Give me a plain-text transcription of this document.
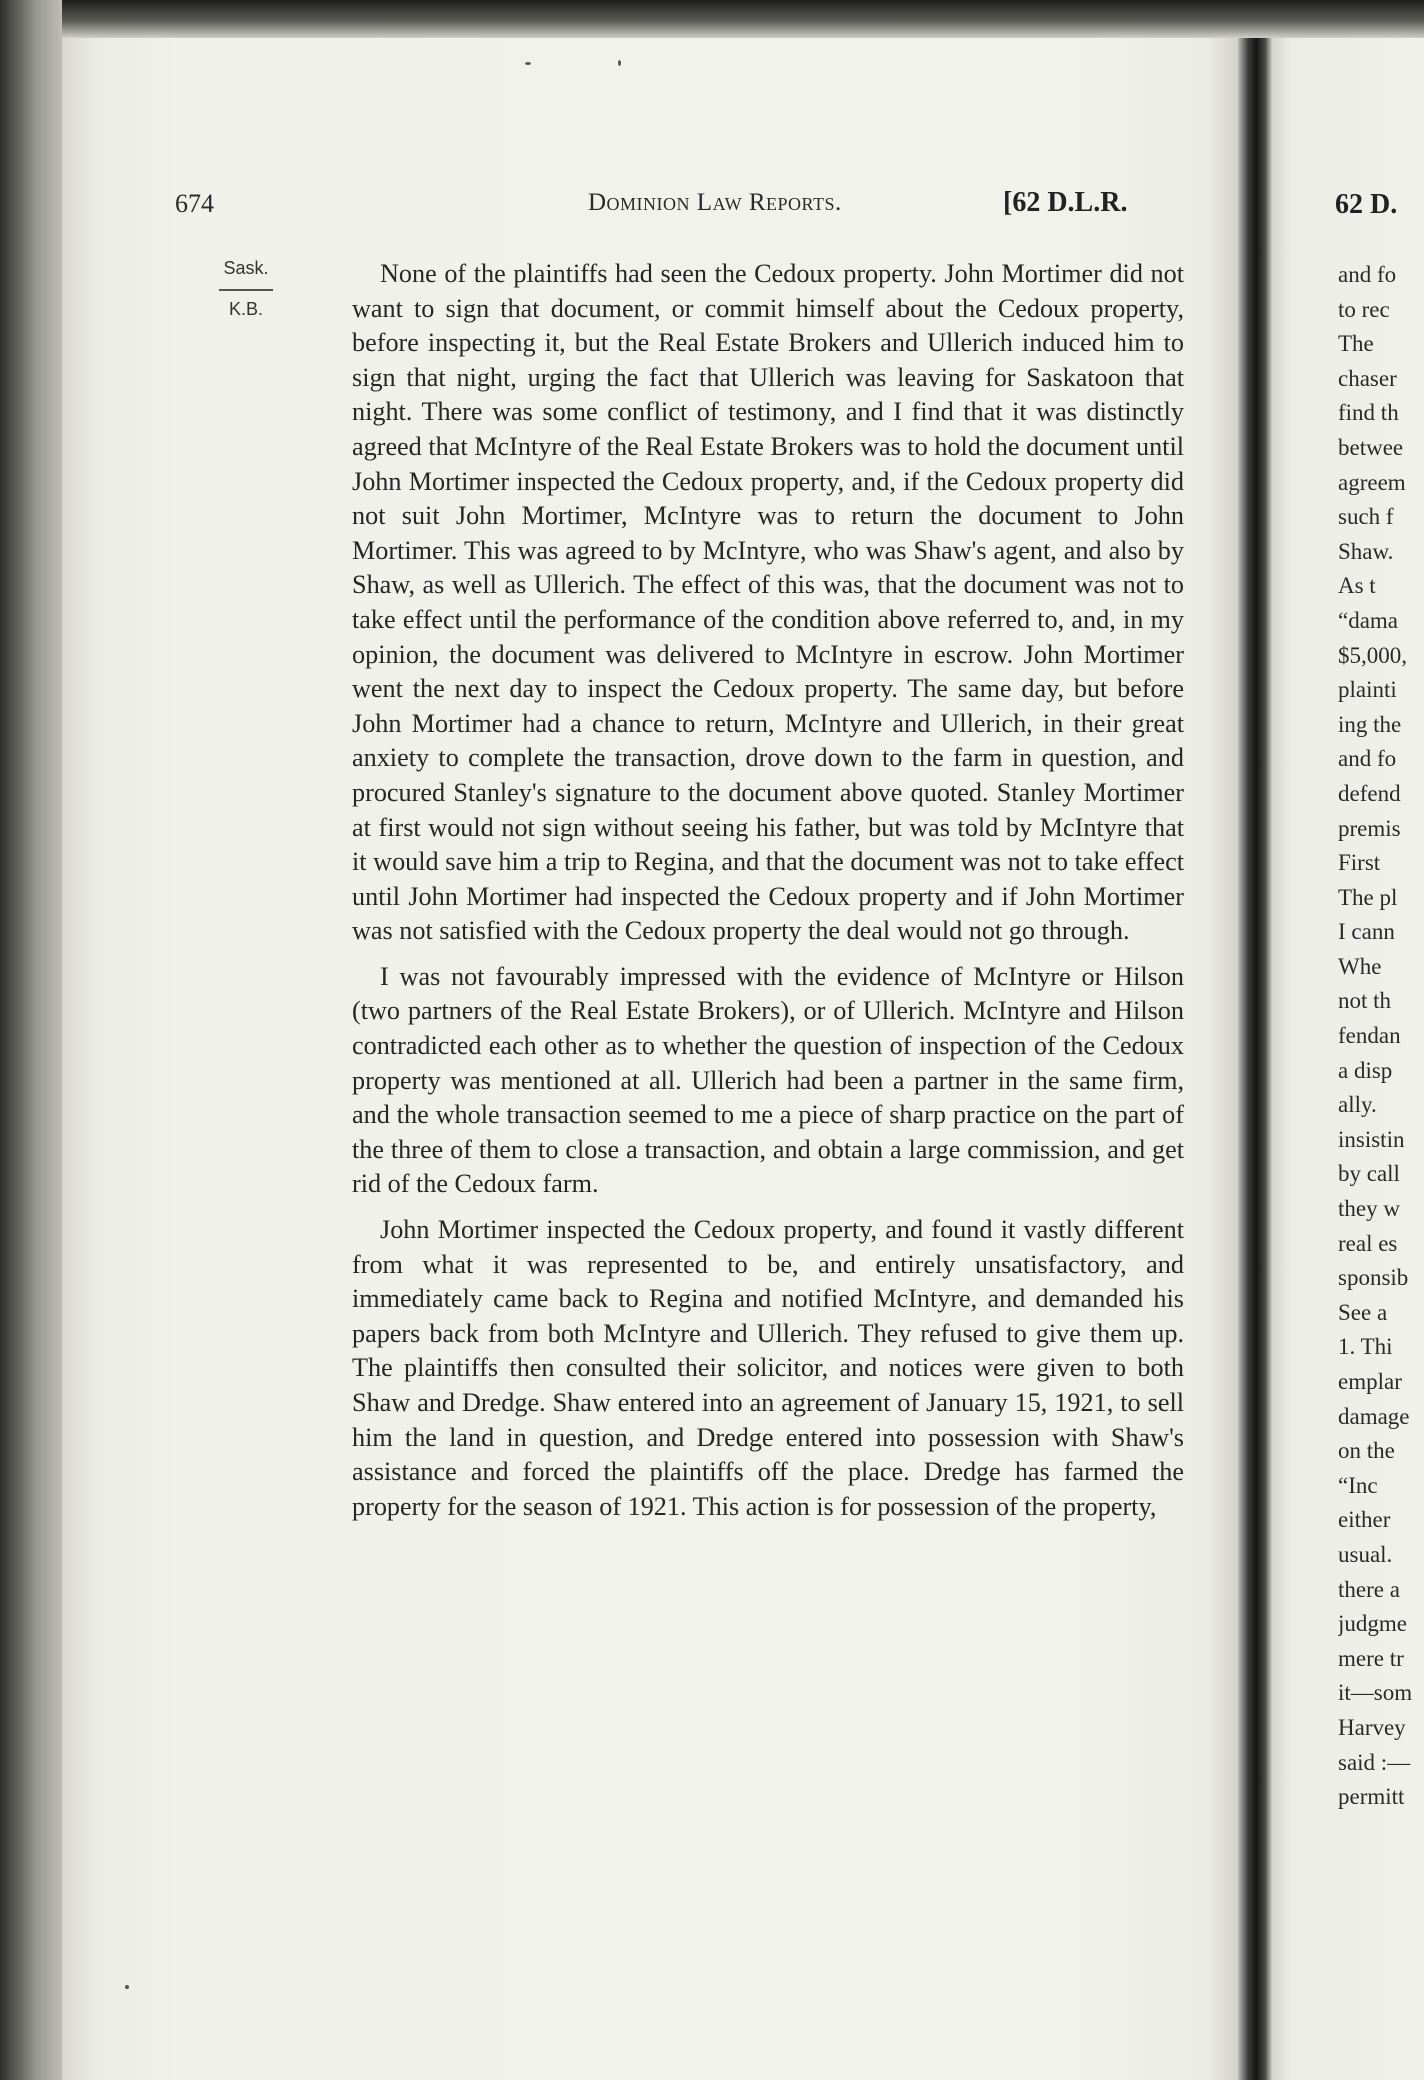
674	Dominion Law Reports.	[62 D.L.R.
Sask.
K.B.

None of the plaintiffs had seen the Cedoux property. John Mortimer did not want to sign that document, or commit himself about the Cedoux property, before inspecting it, but the Real Estate Brokers and Ullerich induced him to sign that night, urging the fact that Ullerich was leaving for Saskatoon that night. There was some conflict of testimony, and I find that it was distinctly agreed that McIntyre of the Real Estate Brokers was to hold the document until John Mortimer inspected the Cedoux property, and, if the Cedoux property did not suit John Mortimer, McIntyre was to return the document to John Mortimer. This was agreed to by McIntyre, who was Shaw's agent, and also by Shaw, as well as Ullerich. The effect of this was, that the document was not to take effect until the performance of the condition above referred to, and, in my opinion, the document was delivered to McIntyre in escrow. John Mortimer went the next day to inspect the Cedoux property. The same day, but before John Mortimer had a chance to return, McIntyre and Ullerich, in their great anxiety to complete the transaction, drove down to the farm in question, and procured Stanley's signature to the document above quoted. Stanley Mortimer at first would not sign without seeing his father, but was told by McIntyre that it would save him a trip to Regina, and that the document was not to take effect until John Mortimer had inspected the Cedoux property and if John Mortimer was not satisfied with the Cedoux property the deal would not go through.

I was not favourably impressed with the evidence of McIntyre or Hilson (two partners of the Real Estate Brokers), or of Ullerich. McIntyre and Hilson contradicted each other as to whether the question of inspection of the Cedoux property was mentioned at all. Ullerich had been a partner in the same firm, and the whole transaction seemed to me a piece of sharp practice on the part of the three of them to close a transaction, and obtain a large commission, and get rid of the Cedoux farm.

John Mortimer inspected the Cedoux property, and found it vastly different from what it was represented to be, and entirely unsatisfactory, and immediately came back to Regina and notified McIntyre, and demanded his papers back from both McIntyre and Ullerich. They refused to give them up. The plaintiffs then consulted their solicitor, and notices were given to both Shaw and Dredge. Shaw entered into an agreement of January 15, 1921, to sell him the land in question, and Dredge entered into possession with Shaw's assistance and forced the plaintiffs off the place. Dredge has farmed the property for the season of 1921. This action is for possession of the property,

62 D.
and fo
to rec
The
chaser
find th
betwee
agreem
such f
Shaw.
As t
“dama
$5,000,
plainti
ing the
and fo
defend
premis
First
The pl
I cann
Whe
not th
fendan
a disp
ally.
insistin
by call
they w
real es
sponsib
See a
1. Thi
emplar
damage
on the
“Inc
either
usual.
there a
judgme
mere tr
it—som
Harvey
said :—
permitt
